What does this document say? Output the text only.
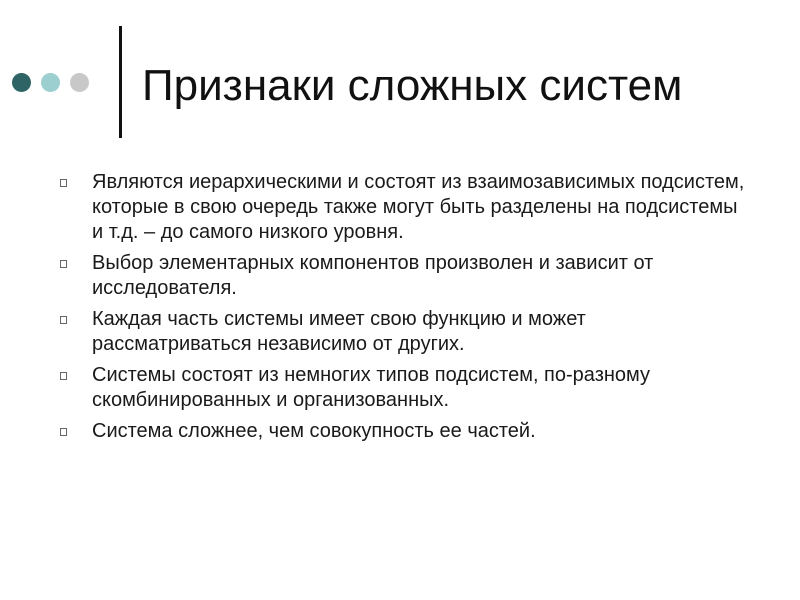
Признаки сложных систем
Являются иерархическими и состоят из взаимозависимых подсистем, которые в свою очередь также могут быть разделены на подсистемы и т.д. – до самого низкого уровня.
Выбор элементарных компонентов произволен и зависит от исследователя.
Каждая часть системы имеет свою функцию и может рассматриваться независимо от других.
Системы состоят из немногих типов подсистем, по-разному скомбинированных и организованных.
Система сложнее, чем совокупность ее частей.
